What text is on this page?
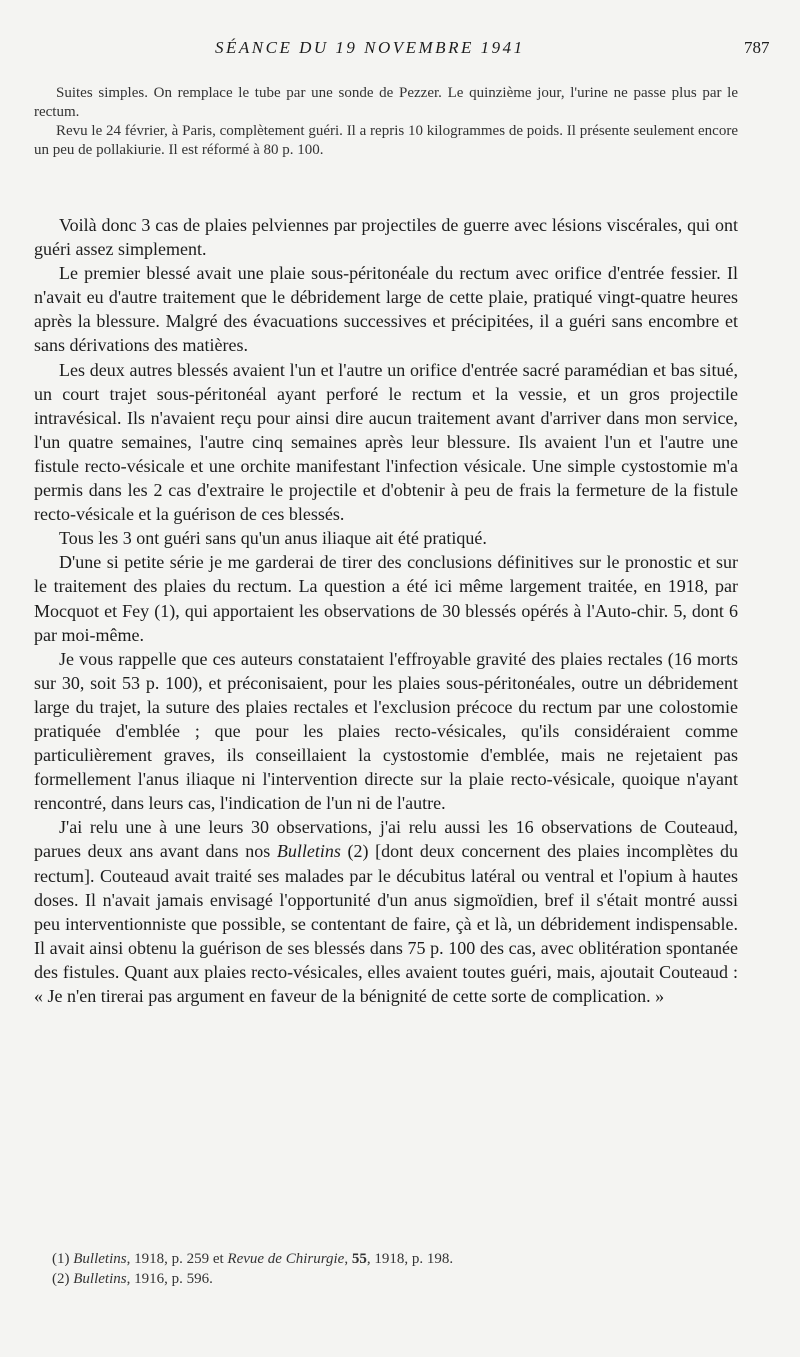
SÉANCE DU 19 NOVEMBRE 1941	787

Suites simples. On remplace le tube par une sonde de Pezzer. Le quinzième jour, l'urine ne passe plus par le rectum.

Revu le 24 février, à Paris, complètement guéri. Il a repris 10 kilogrammes de poids. Il présente seulement encore un peu de pollakiurie. Il est réformé à 80 p. 100.

Voilà donc 3 cas de plaies pelviennes par projectiles de guerre avec lésions viscérales, qui ont guéri assez simplement.

Le premier blessé avait une plaie sous-péritonéale du rectum avec orifice d'entrée fessier. Il n'avait eu d'autre traitement que le débridement large de cette plaie, pratiqué vingt-quatre heures après la blessure. Malgré des évacuations successives et précipitées, il a guéri sans encombre et sans dérivations des matières.

Les deux autres blessés avaient l'un et l'autre un orifice d'entrée sacré paramédian et bas situé, un court trajet sous-péritonéal ayant perforé le rectum et la vessie, et un gros projectile intravésical. Ils n'avaient reçu pour ainsi dire aucun traitement avant d'arriver dans mon service, l'un quatre semaines, l'autre cinq semaines après leur blessure. Ils avaient l'un et l'autre une fistule recto-vésicale et une orchite manifestant l'infection vésicale. Une simple cystostomie m'a permis dans les 2 cas d'extraire le projectile et d'obtenir à peu de frais la fermeture de la fistule recto-vésicale et la guérison de ces blessés.

Tous les 3 ont guéri sans qu'un anus iliaque ait été pratiqué.

D'une si petite série je me garderai de tirer des conclusions définitives sur le pronostic et sur le traitement des plaies du rectum. La question a été ici même largement traitée, en 1918, par Mocquot et Fey (1), qui apportaient les observations de 30 blessés opérés à l'Auto-chir. 5, dont 6 par moi-même.

Je vous rappelle que ces auteurs constataient l'effroyable gravité des plaies rectales (16 morts sur 30, soit 53 p. 100), et préconisaient, pour les plaies sous-péritonéales, outre un débridement large du trajet, la suture des plaies rectales et l'exclusion précoce du rectum par une colostomie pratiquée d'emblée ; que pour les plaies recto-vésicales, qu'ils considéraient comme particulièrement graves, ils conseillaient la cystostomie d'emblée, mais ne rejetaient pas formellement l'anus iliaque ni l'intervention directe sur la plaie recto-vésicale, quoique n'ayant rencontré, dans leurs cas, l'indication de l'un ni de l'autre.

J'ai relu une à une leurs 30 observations, j'ai relu aussi les 16 observations de Couteaud, parues deux ans avant dans nos Bulletins (2) [dont deux concernent des plaies incomplètes du rectum]. Couteaud avait traité ses malades par le décubitus latéral ou ventral et l'opium à hautes doses. Il n'avait jamais envisagé l'opportunité d'un anus sigmoïdien, bref il s'était montré aussi peu interventionniste que possible, se contentant de faire, çà et là, un débridement indispensable. Il avait ainsi obtenu la guérison de ses blessés dans 75 p. 100 des cas, avec oblitération spontanée des fistules. Quant aux plaies recto-vésicales, elles avaient toutes guéri, mais, ajoutait Couteaud : « Je n'en tirerai pas argument en faveur de la bénignité de cette sorte de complication. »

(1) Bulletins, 1918, p. 259 et Revue de Chirurgie, 55, 1918, p. 198.
(2) Bulletins, 1916, p. 596.
